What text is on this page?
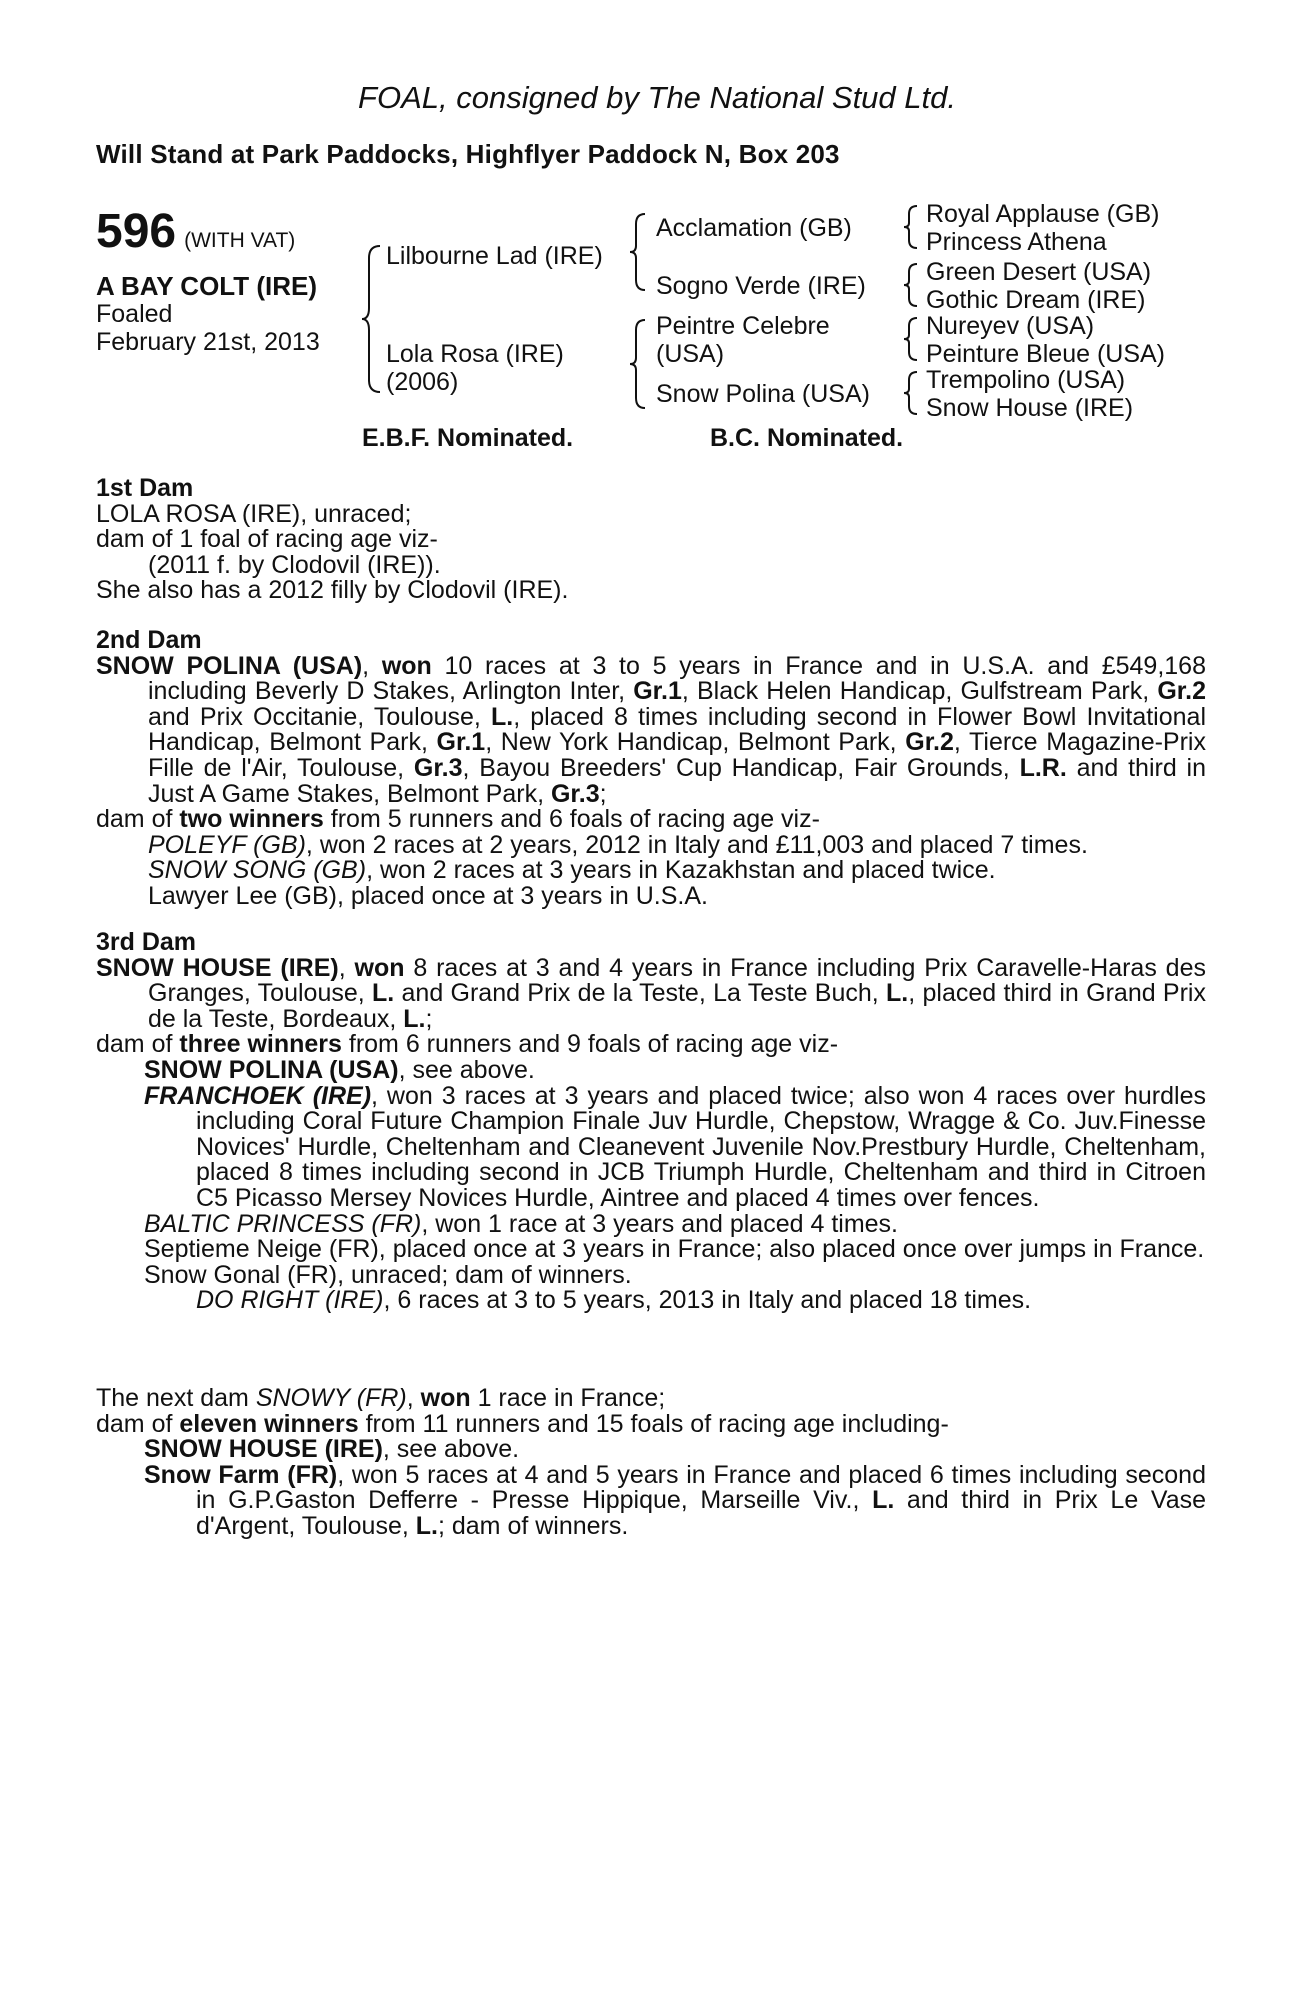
FOAL, consigned by The National Stud Ltd.
Will Stand at Park Paddocks, Highflyer Paddock N, Box 203
596 (WITH VAT)
A BAY COLT (IRE)
Foaled
February 21st, 2013
Lilbourne Lad (IRE)
Lola Rosa (IRE)
(2006)
Acclamation (GB)
Sogno Verde (IRE)
Peintre Celebre
(USA)
Snow Polina (USA)
Royal Applause (GB)
Princess Athena
Green Desert (USA)
Gothic Dream (IRE)
Nureyev (USA)
Peinture Bleue (USA)
Trempolino (USA)
Snow House (IRE)
E.B.F. Nominated.	B.C. Nominated.
1st Dam
LOLA ROSA (IRE), unraced;
dam of 1 foal of racing age viz-
(2011 f. by Clodovil (IRE)).
She also has a 2012 filly by Clodovil (IRE).
2nd Dam
SNOW POLINA (USA), won 10 races at 3 to 5 years in France and in U.S.A. and £549,168 including Beverly D Stakes, Arlington Inter, Gr.1, Black Helen Handicap, Gulfstream Park, Gr.2 and Prix Occitanie, Toulouse, L., placed 8 times including second in Flower Bowl Invitational Handicap, Belmont Park, Gr.1, New York Handicap, Belmont Park, Gr.2, Tierce Magazine-Prix Fille de l'Air, Toulouse, Gr.3, Bayou Breeders' Cup Handicap, Fair Grounds, L.R. and third in Just A Game Stakes, Belmont Park, Gr.3;
dam of two winners from 5 runners and 6 foals of racing age viz-
POLEYF (GB), won 2 races at 2 years, 2012 in Italy and £11,003 and placed 7 times.
SNOW SONG (GB), won 2 races at 3 years in Kazakhstan and placed twice.
Lawyer Lee (GB), placed once at 3 years in U.S.A.
3rd Dam
SNOW HOUSE (IRE), won 8 races at 3 and 4 years in France including Prix Caravelle-Haras des Granges, Toulouse, L. and Grand Prix de la Teste, La Teste Buch, L., placed third in Grand Prix de la Teste, Bordeaux, L.;
dam of three winners from 6 runners and 9 foals of racing age viz-
SNOW POLINA (USA), see above.
FRANCHOEK (IRE), won 3 races at 3 years and placed twice; also won 4 races over hurdles including Coral Future Champion Finale Juv Hurdle, Chepstow, Wragge & Co. Juv.Finesse Novices' Hurdle, Cheltenham and Cleanevent Juvenile Nov.Prestbury Hurdle, Cheltenham, placed 8 times including second in JCB Triumph Hurdle, Cheltenham and third in Citroen C5 Picasso Mersey Novices Hurdle, Aintree and placed 4 times over fences.
BALTIC PRINCESS (FR), won 1 race at 3 years and placed 4 times.
Septieme Neige (FR), placed once at 3 years in France; also placed once over jumps in France.
Snow Gonal (FR), unraced; dam of winners.
DO RIGHT (IRE), 6 races at 3 to 5 years, 2013 in Italy and placed 18 times.
The next dam SNOWY (FR), won 1 race in France;
dam of eleven winners from 11 runners and 15 foals of racing age including-
SNOW HOUSE (IRE), see above.
Snow Farm (FR), won 5 races at 4 and 5 years in France and placed 6 times including second in G.P.Gaston Defferre - Presse Hippique, Marseille Viv., L. and third in Prix Le Vase d'Argent, Toulouse, L.; dam of winners.
